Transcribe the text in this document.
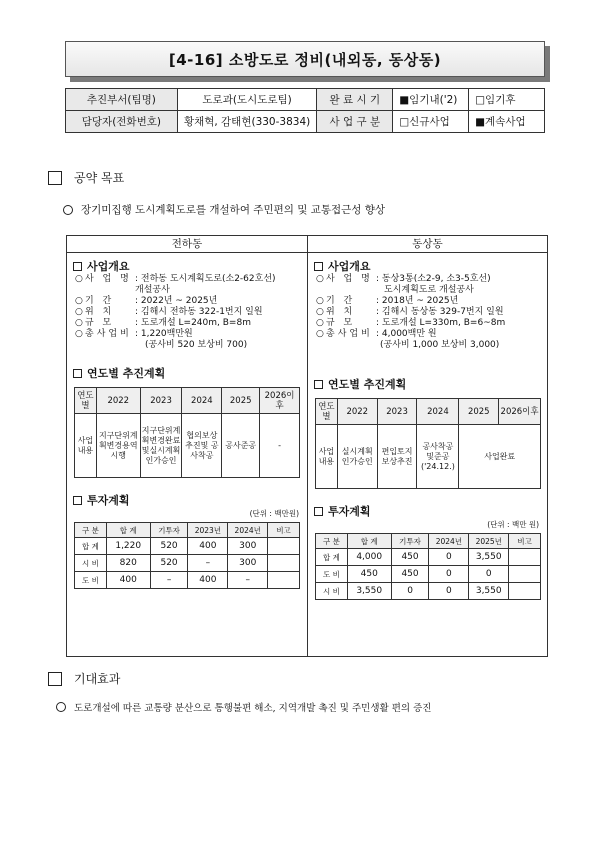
[4-16] 소방도로 정비(내외동, 동상동)
추진부서(팀명)	도로과(도시도로팀)	완 료 시 기	■임기내('2)	□임기후
담당자(전화번호)	황채혁, 감태현(330-3834)	사 업 구 분	□신규사업	■계속사업
공약 목표
장기미집행 도시계획도로를 개설하여 주민편의 및 교통접근성 향상
전하동
사업개요
○ 사 업 명 : 전하동 도시계획도로(소2-62호선)
개설공사
○ 기 간	: 2022년 ~ 2025년
○ 위 치	: 김해시 전하동 322-1번지 일원
○ 규 모	: 도로개설 L=240m, B=8m
○ 총사업비 : 1,220백만원
(공사비 520 보상비 700)
연도별 추진계획
연도별	2022	2023	2024	2025	2026이후
사업내용	지구단위계획변경용역시행	지구단위계획변경완료 및실시계획인가승인	협의보상추진및 공사착공	공사준공	-
투자계획
(단위 : 백만원)
구 분	합 계	기투자	2023년	2024년	비고
합 계	1,220	520	400	300	
시 비	820	520	–	300	
도 비	400	–	400	–	
동상동
사업개요
○ 사 업 명 : 동상3통(소2-9, 소3-5호선)
도시계획도로 개설공사
○ 기 간	: 2018년 ~ 2025년
○ 위 치	: 김해시 동상동 329-7번지 일원
○ 규 모	: 도로개설 L=330m, B=6~8m
○ 총사업비 : 4,000백만 원
(공사비 1,000 보상비 3,000)
연도별 추진계획
연도별	2022	2023	2024	2025	2026이후
사업내용	실시계획인가승인	편입토지보상추진	공사착공 및준공('24.12.)	사업완료	
투자계획
(단위 : 백만 원)
구 분	합 계	기투자	2024년	2025년	비고
합 계	4,000	450	0	3,550	
도 비	450	450	0	0	
시 비	3,550	0	0	3,550	
기대효과
도로개설에 따른 교통량 분산으로 통행불편 해소, 지역개발 촉진 및 주민생활 편의 증진
